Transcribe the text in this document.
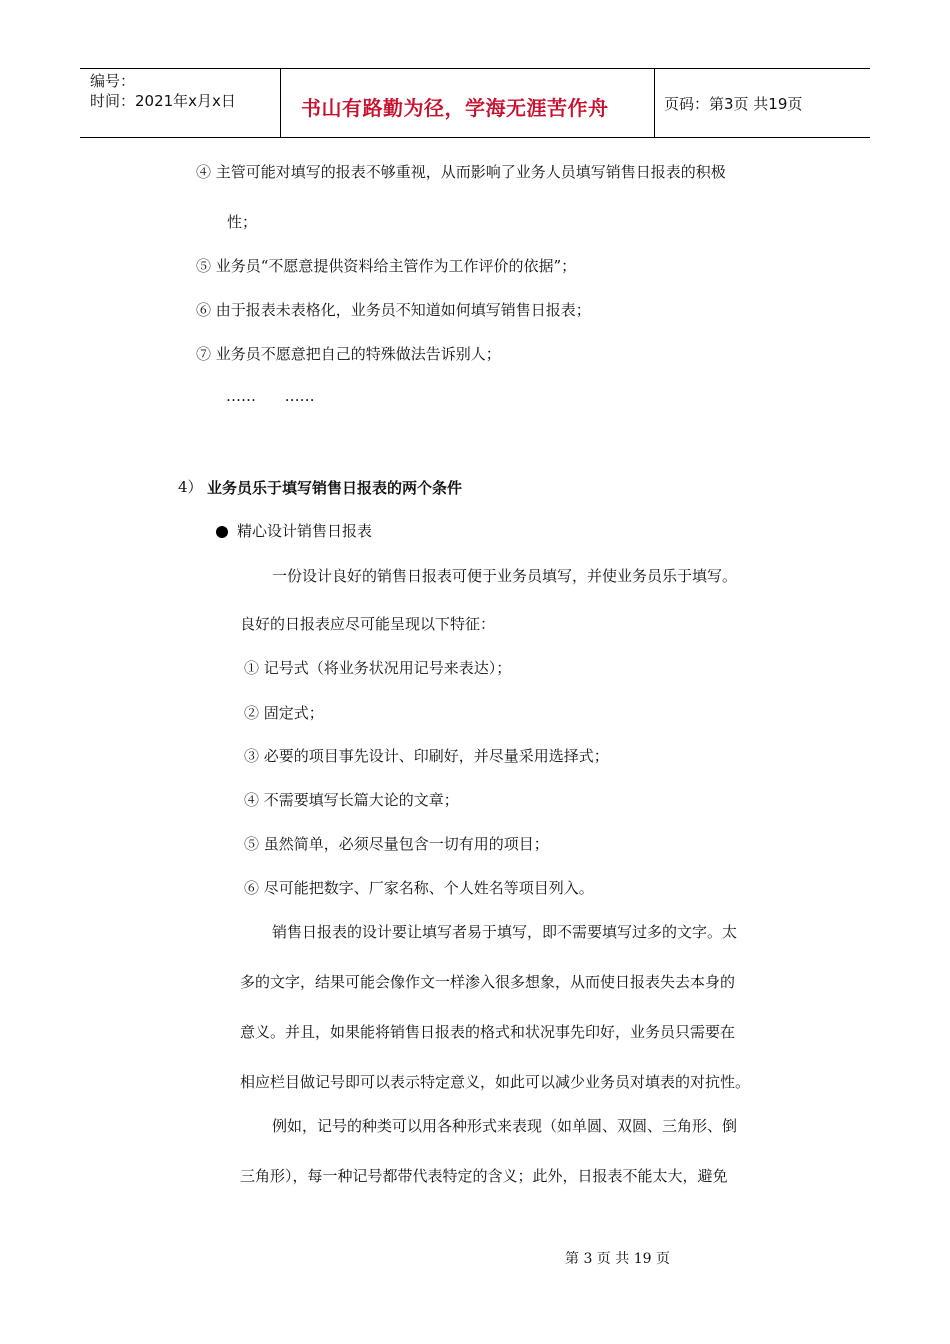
编号：
时间：2021年x月x日	书山有路勤为径，学海无涯苦作舟	页码：第3页 共19页
④ 主管可能对填写的报表不够重视，从而影响了业务人员填写销售日报表的积极
性；
⑤ 业务员“不愿意提供资料给主管作为工作评价的依据”；
⑥ 由于报表未表格化，业务员不知道如何填写销售日报表；
⑦ 业务员不愿意把自己的特殊做法告诉别人；
……      ……
4） 业务员乐于填写销售日报表的两个条件
精心设计销售日报表
一份设计良好的销售日报表可便于业务员填写，并使业务员乐于填写。
良好的日报表应尽可能呈现以下特征：
① 记号式（将业务状况用记号来表达）；
② 固定式；
③ 必要的项目事先设计、印刷好，并尽量采用选择式；
④ 不需要填写长篇大论的文章；
⑤ 虽然简单，必须尽量包含一切有用的项目；
⑥ 尽可能把数字、厂家名称、个人姓名等项目列入。
销售日报表的设计要让填写者易于填写，即不需要填写过多的文字。太
多的文字，结果可能会像作文一样渗入很多想象，从而使日报表失去本身的
意义。并且，如果能将销售日报表的格式和状况事先印好，业务员只需要在
相应栏目做记号即可以表示特定意义，如此可以减少业务员对填表的对抗性。
例如，记号的种类可以用各种形式来表现（如单圆、双圆、三角形、倒
三角形），每一种记号都带代表特定的含义；此外，日报表不能太大，避免
第 3 页 共 19 页
